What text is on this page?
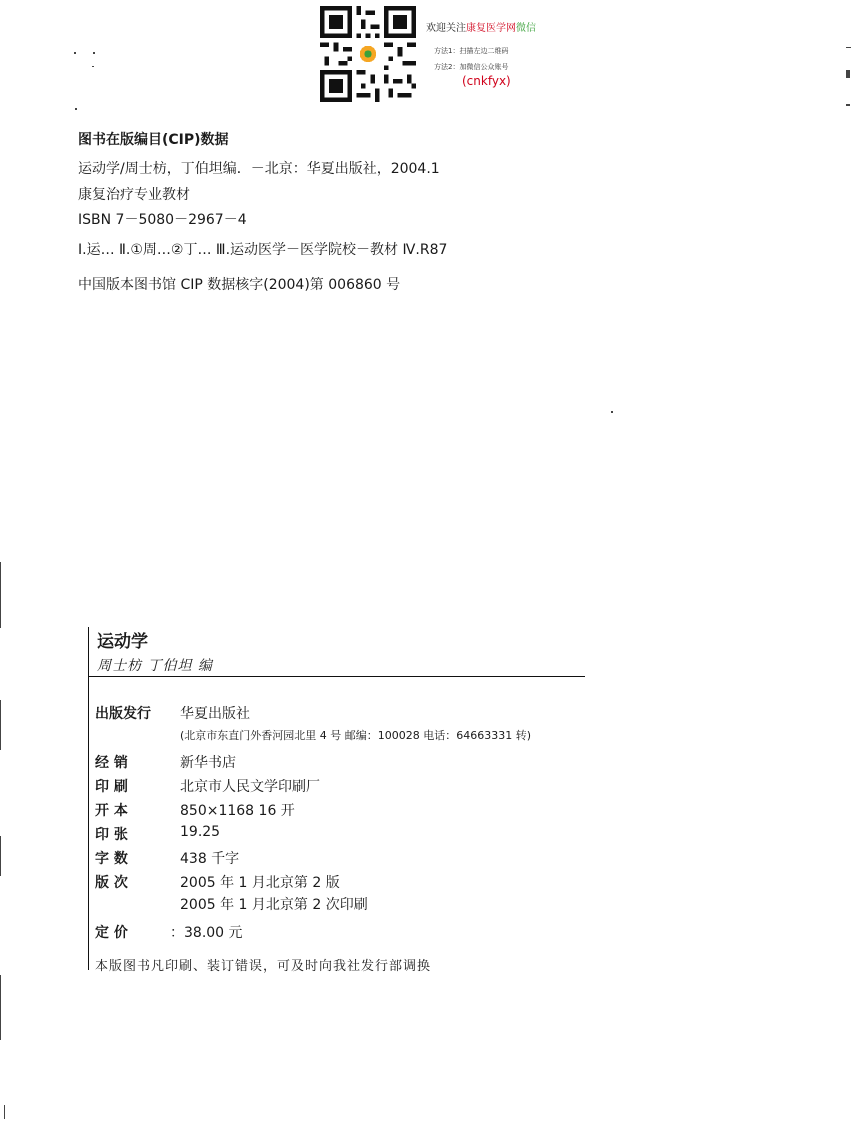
欢迎关注康复医学网微信
方法1：扫描左边二维码
方法2：加微信公众账号
(cnkfyx)
图书在版编目(CIP)数据
运动学/周士枋，丁伯坦编．－北京：华夏出版社，2004.1
康复治疗专业教材
ISBN 7－5080－2967－4
Ⅰ.运… Ⅱ.①周…②丁… Ⅲ.运动医学－医学院校－教材 Ⅳ.R87
中国版本图书馆 CIP 数据核字(2004)第 006860 号
运动学
周士枋 丁伯坦 编
出版发行 华夏出版社
(北京市东直门外香河园北里 4 号 邮编：100028 电话：64663331 转)
经 销	新华书店
印 刷	北京市人民文学印刷厂
开 本	850×1168 16 开
印 张	19.25
字 数	438 千字
版 次	2005 年 1 月北京第 2 版
2005 年 1 月北京第 2 次印刷
定 价	：38.00 元
本版图书凡印刷、装订错误，可及时向我社发行部调换
